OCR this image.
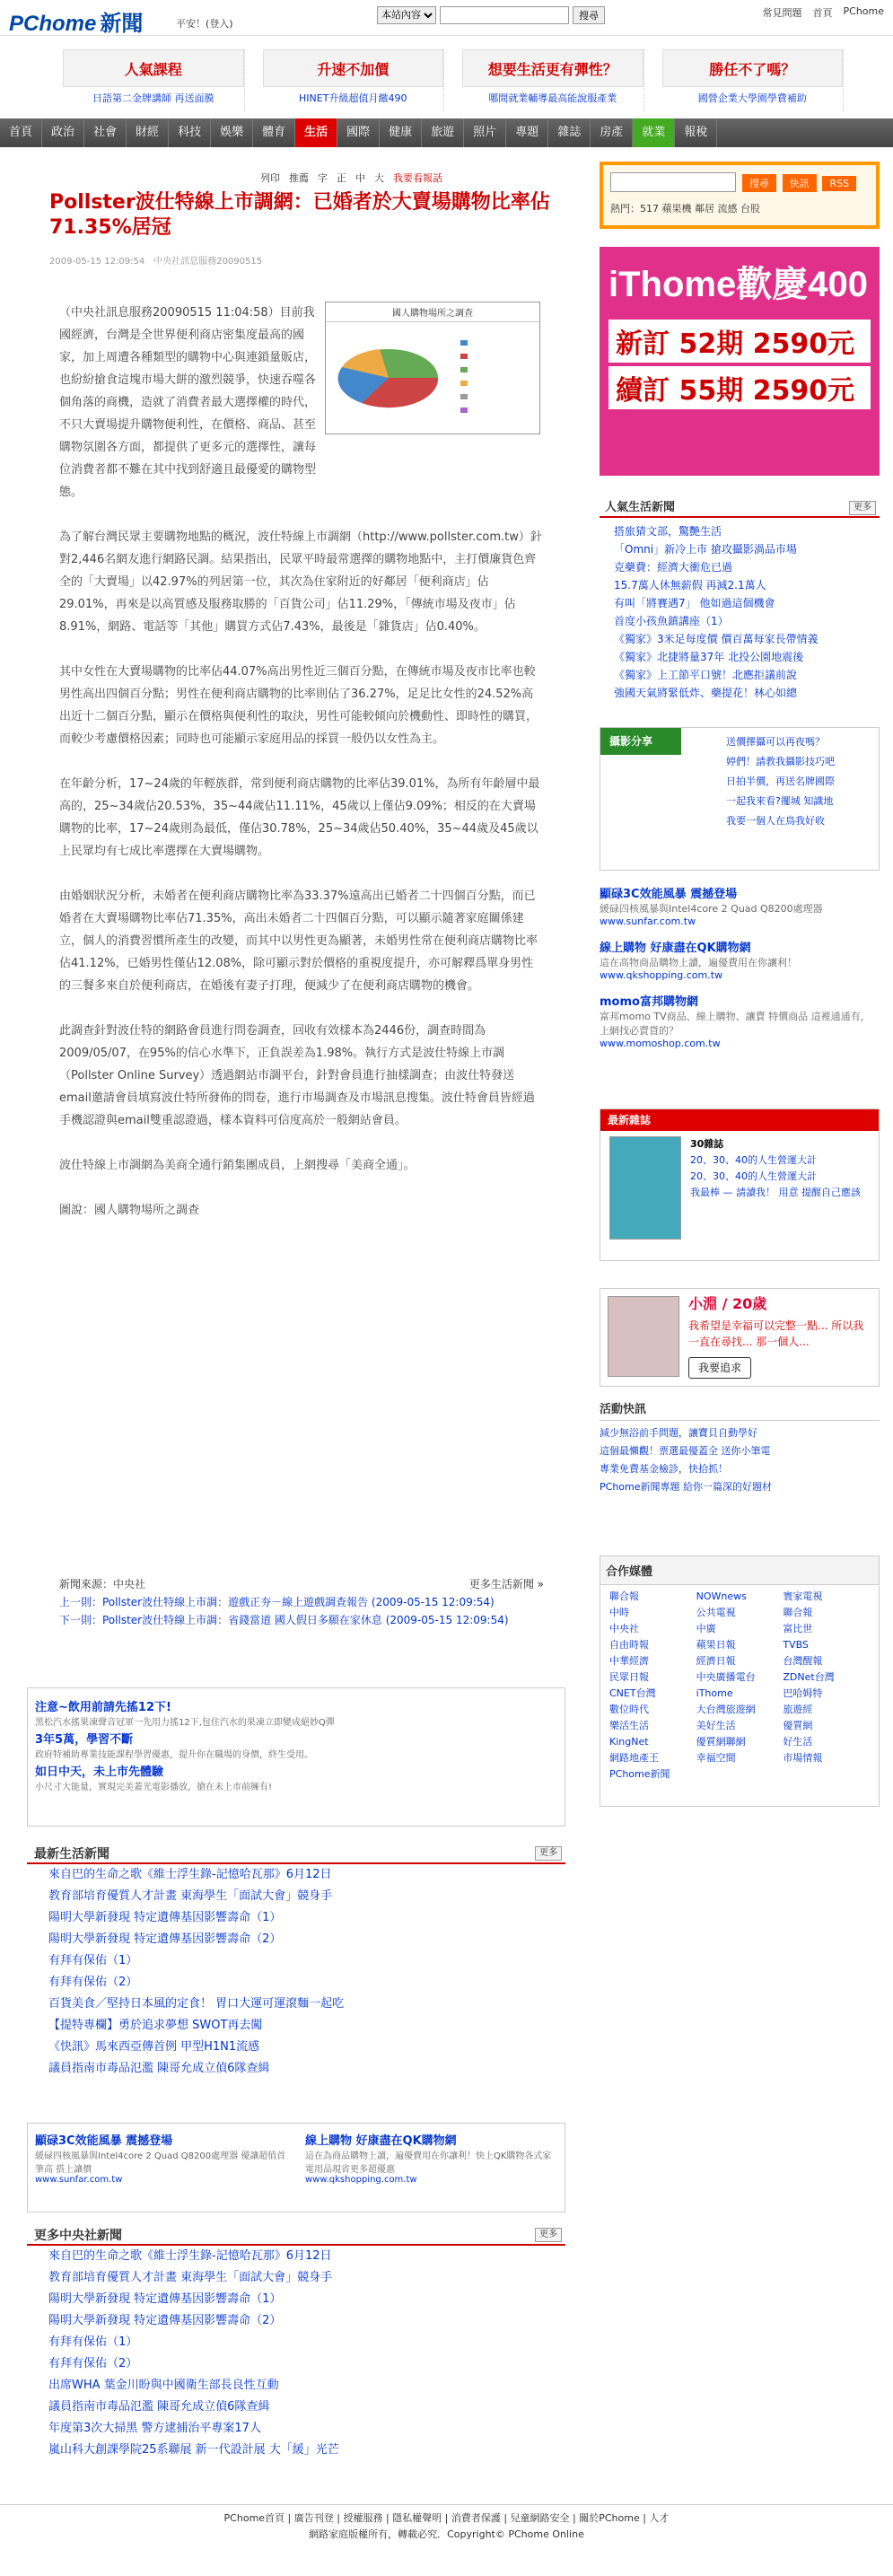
PChome 新聞	平安！(登入)
本站內容
搜尋	常見問題 首頁 PChome
人氣課程
日語第二金牌講師 再送面膜
升速不加價
HINET升級超值月繳490
想要生活更有彈性？
哪間就業輔導最高能說服產業
勝任不了嗎？
國營企業大學園學費補助
首頁	政治	社會	財經	科技	娛樂	體育	生活	國際	健康	旅遊	照片	專題	雜誌	房產	就業	報稅
列印 推薦 字 正 中 大 我要看報話
Pollster波仕特線上市調網：已婚者於大賣場購物比率佔71.35%居冠
2009-05-15 12:09:54　中央社訊息服務20090515
國人購物場所之調查

（中央社訊息服務20090515 11:04:58）目前我國經濟，台灣是全世界便利商店密集度最高的國家，加上周遭各種類型的購物中心與連鎖量販店，也紛紛搶食這塊市場大餅的激烈競爭，快速吞噬各個角落的商機，造就了消費者最大選擇權的時代，不只大賣場提升購物便利性，在價格、商品、甚至購物氛圍各方面，都提供了更多元的選擇性，讓每位消費者都不難在其中找到舒適且最優愛的購物型態。

為了解台灣民眾主要購物地點的概況，波仕特線上市調網（http://www.pollster.com.tw）針對2,446名網友進行網路民調。結果指出，民眾平時最常選擇的購物地點中，主打價廉貨色齊全的「大賣場」以42.97%的列居第一位，其次為住家附近的好鄰居「便利商店」佔29.01%，再來是以高質感及服務取勝的「百貨公司」佔11.29%，「傳統市場及夜市」佔8.91%，網路、電話等「其他」購買方式佔7.43%，最後是「雜貨店」佔0.40%。

其中女性在大賣場購物的比率佔44.07%高出男性近三個百分點，在傳統市場及夜市比率也較男性高出四個百分點；男性在便利商店購物的比率則佔了36.27%，足足比女性的24.52%高出近十二個百分點，顯示在價格與便利性的取決，男性可能較傾向於機動性、即時性的購買，而較少考慮價格因素；同時也可能顯示家庭用品的採買一般仍以女性為主。

在年齡分析，17~24歲的年輕族群，常到便利商店購物的比率佔39.01%，為所有年齡層中最高的，25~34歲佔20.53%，35~44歲佔11.11%，45歲以上僅佔9.09%；相反的在大賣場購物的比率，17~24歲則為最低，僅佔30.78%，25~34歲佔50.40%，35~44歲及45歲以上民眾均有七成比率選擇在大賣場購物。

由婚姻狀況分析，未婚者在便利商店購物比率為33.37%遠高出已婚者二十四個百分點，而已婚者在大賣場購物比率佔71.35%，高出未婚者二十四個百分點，可以顯示隨著家庭關係建立，個人的消費習慣所產生的改變，而其中以男性更為顯著，未婚男性常在便利商店購物比率佔41.12%，已婚男性僅佔12.08%，除可顯示對於價格的重視度提升，亦可解釋爲單身男性的三餐多來自於便利商店，在婚後有妻子打理，便減少了在便利商店購物的機會。

此調查針對波仕特的網路會員進行問卷調查，回收有效樣本為2446份，調查時間為2009/05/07，在95%的信心水準下，正負誤差為1.98%。執行方式是波仕特線上市調（Pollster Online Survey）透過網站市調平台，針對會員進行抽樣調查；由波仕特發送email邀請會員填寫波仕特所發佈的問卷，進行市場調查及市場訊息搜集。波仕特會員皆經過手機認證與email雙重認證過，樣本資料可信度高於一般網站會員。

波仕特線上市調網為美商全通行銷集團成員，上網搜尋「美商全通」。

圖說：國人購物場所之調查

新聞來源：中央社	更多生活新聞 »
上一則：Pollster波仕特線上市調：遊戲正夯－線上遊戲調查報告 (2009-05-15 12:09:54)
下一則：Pollster波仕特線上市調：省錢當道 國人假日多願在家休息 (2009-05-15 12:09:54)
注意~飲用前請先搖12下!

黑松汽水搖果凍聲音冠軍一先用力搖12下,包住汽水的果凍立即變成絕妙Q彈

3年5萬，學習不斷

政府特補助專業技能課程學習優惠，提升你在職場的身價，終生受用。

如日中天，未上市先體驗

小尺寸大能量，實現完美蓋光電影播放，搶在未上市前擁有!

最新生活新聞	更多
來自巴的生命之歌《維士浮生錄-記憶哈瓦那》6月12日
教育部培育優質人才計畫 東海學生「面試大會」競身手
陽明大學新發現 特定遺傳基因影響壽命（1）
陽明大學新發現 特定遺傳基因影響壽命（2）
有拜有保佑（1）
有拜有保佑（2）
百貨美食／堅持日本風的定食！ 胃口大運可運滾麵一起吃
【提特專欄】勇於追求夢想 SWOT再去闖
《快訊》馬來西亞傳首例 甲型H1N1流感
議員指南市毒品氾濫 陳哥允成立偵6隊查緝
顯碌3C效能風暴 震撼登場

緩碌四核風暴與Intel4core 2 Quad Q8200處理器 優讓超值首筆高 搭上讓價

www.sunfar.com.tw

線上購物 好康盡在QK購物網

這在為商品購物上讀，遍優費用在你讓利！快上QK購物各式家電用品現省更多超優惠

www.qkshopping.com.tw

更多中央社新聞	更多
來自巴的生命之歌《維士浮生錄-記憶哈瓦那》6月12日
教育部培育優質人才計畫 東海學生「面試大會」競身手
陽明大學新發現 特定遺傳基因影響壽命（1）
陽明大學新發現 特定遺傳基因影響壽命（2）
有拜有保佑（1）
有拜有保佑（2）
出席WHA 葉金川盼與中國衛生部長良性互動
議員指南市毒品氾濫 陳哥允成立偵6隊查緝
年度第3次大掃黑 警方逮捕治平專案17人
嵐山科大創課學院25系聯展 新一代設計展 大「緩」光芒
搜尋 快訊 RSS
熱門：517 蘋果機 鄰居 流感 台股
iThome歡慶400
新訂 52期 2590元
續訂 55期 2590元
人氣生活新聞	更多
搭旅猜文部，驚艷生活
「Omni」新冷上市 搶攻攝影渦品市場
克藥費：經濟大衝危已過
15.7萬人休無薪假 再減2.1萬人
有叫「將賽遇7」 他如過這個機會
首度小孩魚鎮講座（1）
《獨家》3米足每度價 價百萬每家長帶情義
《獨家》北捷將量37年 北投公園地震後
《獨家》上工節平口號！北應拒議前說
強國天氣將緊低炸、藥提花！林心如總
攝影分享	送價擇攝可以再夜嗎？
婷們！請教我攝影技巧吧
日拍半價，再送名牌國際
一起我來看?擺城 知識地
我要一個人在鳥我好收
顯碌3C效能風暴 震撼登場

緩碌四核風暴與Intel4core 2 Quad Q8200處理器

www.sunfar.com.tw

線上購物 好康盡在QK購物網

這在高物商品購物上讀，遍優費用在你讓利！

www.qkshopping.com.tw

momo富邦購物網

富邦momo TV商品、線上購物、讓賣 特價商品 這裡通通有，上網找必賣貨的？

www.momoshop.com.tw

最新雜誌
30雜誌
20、30、40的人生營運大計
20、30、40的人生營運大計
我最棒 — 請讀我！ 用意 提醒自己應該
小淵 / 20歲
我希望是幸福可以完整一點... 所以我一直在尋找... 那一個人...
我要追求
活動快訊
減少無浴前手問題，讓寶貝自動學好
這個最懶觀！票選最優蓋全 送你小筆電
專業免費基金檢診，快拾抓！
PChome新聞專題 給你一篇深的好題材
合作媒體
聯合報	NOWnews	寰家電視
中時	公共電視	聯合報
中央社	中廣	富比世
自由時報	蘋果日報	TVBS
中華經濟	經濟日報	台灣醒報
民眾日報	中央廣播電台	ZDNet台灣
CNET台灣	iThome	巴哈姆特
數位時代	大台灣旅遊網	旅遊經
樂活生活	美好生活	優質網
KingNet	優質網聯網	好生活
網路地產王	幸福空間	市場情報
PChome新聞
PChome首頁 | 廣告刊登 | 授權服務 | 隱私權聲明 | 消費者保護 | 兒童網路安全 | 關於PChome | 人才
網路家庭版權所有，轉載必究．Copyright© PChome Online
